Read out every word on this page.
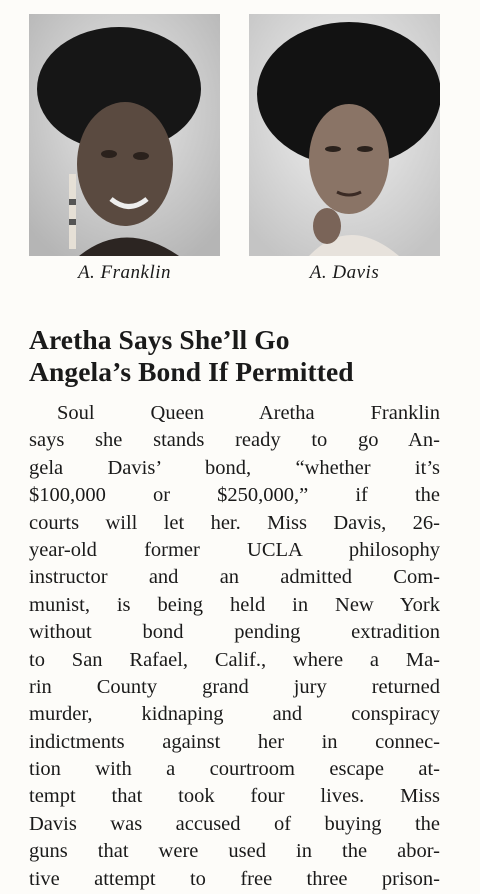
A. Franklin	A. Davis
Aretha Says She’ll Go
Angela’s Bond If Permitted
Soul Queen Aretha Franklin
says she stands ready to go An-
gela Davis’ bond, “whether it’s
$100,000 or $250,000,” if the
courts will let her. Miss Davis, 26-
year-old former UCLA philosophy
instructor and an admitted Com-
munist, is being held in New York
without bond pending extradition
to San Rafael, Calif., where a Ma-
rin County grand jury returned
murder, kidnaping and conspiracy
indictments against her in connec-
tion with a courtroom escape at-
tempt that took four lives. Miss
Davis was accused of buying the
guns that were used in the abor-
tive attempt to free three prison-
